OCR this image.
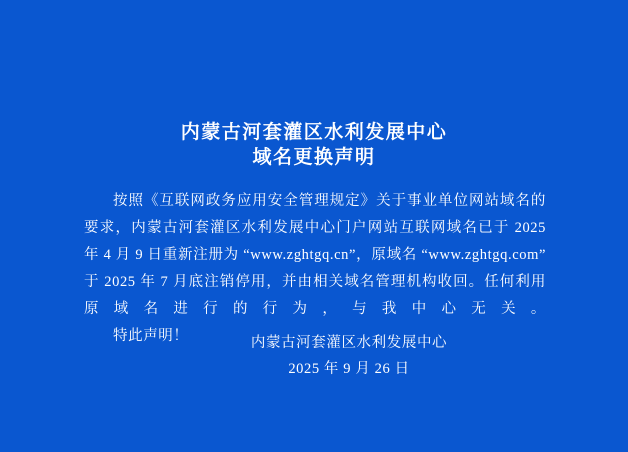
内蒙古河套灌区水利发展中心
域名更换声明
按照《互联网政务应用安全管理规定》关于事业单位网站域名的要求，内蒙古河套灌区水利发展中心门户网站互联网域名已于 2025 年 4 月 9 日重新注册为 “www.zghtgq.cn”，原域名 “www.zghtgq.com” 于 2025 年 7 月底注销停用，并由相关域名管理机构收回。任何利用原域名进行的行为，与我中心无关。
特此声明！	内蒙古河套灌区水利发展中心
2025 年 9 月 26 日
